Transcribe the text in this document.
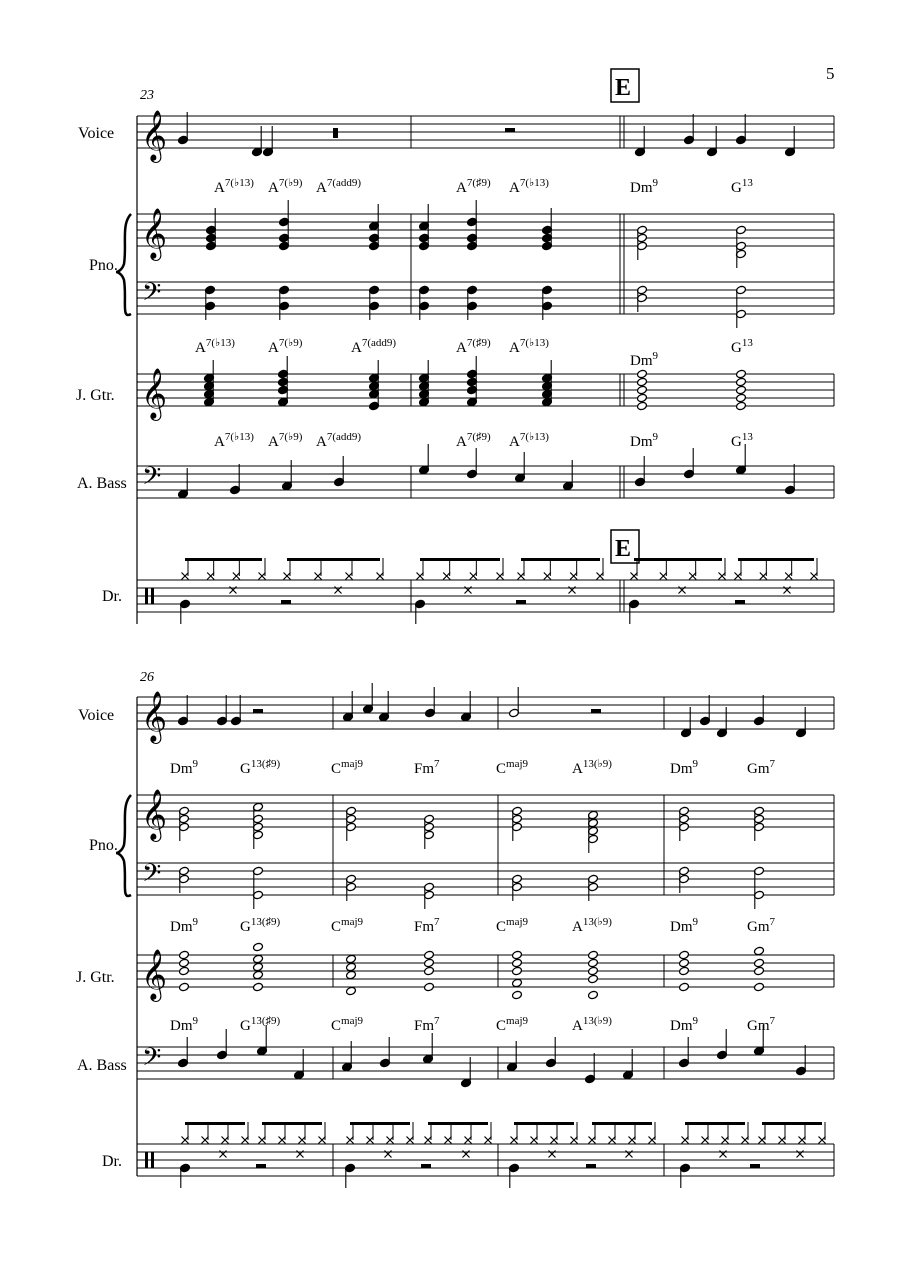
5
23	E
Voice
Pno.
J. Gtr.
A. Bass
Dr.
𝄞
𝄞
𝄢
𝄞
𝄢
$A^{7(♭13)}$ $A^{7(♭9)}$ $A^{7(add9)}$	$A^{7(♯9)}$ $A^{7(♭13)}$	Dm$^9$	$G^{13}$
$A^{7(♭13)}$ $A^{7(♭9)}$	$A^{7(add9)}$	$A^{7(♯9)}$ $A^{7(♭13)}$
Dm$^9$	$G^{13}$
$A^{7(♭13)}$ $A^{7(♭9)}$ $A^{7(add9)}$	$A^{7(♯9)}$ $A^{7(♭13)}$	Dm$^9$	$G^{13}$
E
26
Voice
Pno.
J. Gtr.
A. Bass
Dr.
𝄞
𝄞
𝄢
𝄞
𝄢
Dm$^9$
Dm$^9$
Dm$^9$
$G^{13(♯9)}$
$G^{13(♯9)}$
$G^{13(♯9)}$
$C^{maj9}$
$C^{maj9}$
$C^{maj9}$
Fm$^7$
Fm$^7$
Fm$^7$
$C^{maj9}$
$C^{maj9}$
$C^{maj9}$
$A^{13(♭9)}$
$A^{13(♭9)}$
$A^{13(♭9)}$
Dm$^9$
Dm$^9$
Dm$^9$
Gm$^7$
Gm$^7$
Gm$^7$
